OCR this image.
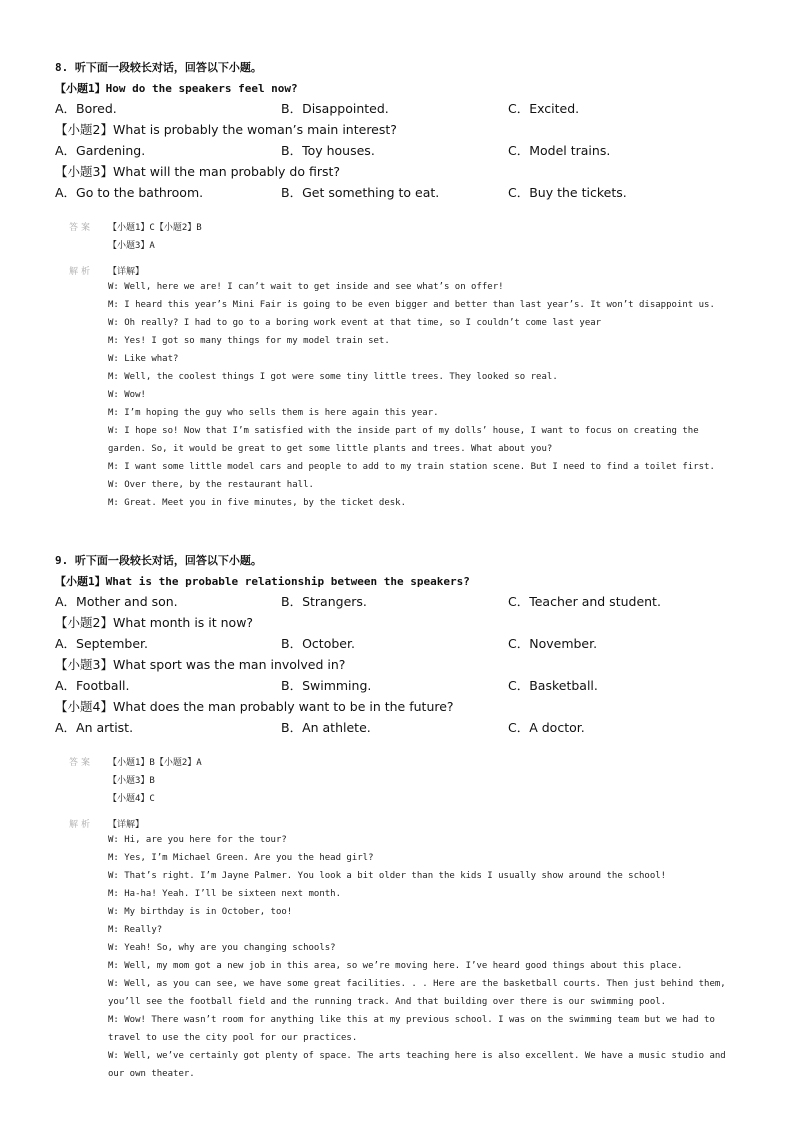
8. 听下面一段较长对话，回答以下小题。
【小题1】How do the speakers feel now?
A．Bored.	B．Disappointed.	C．Excited.
【小题2】What is probably the woman’s main interest?
A．Gardening.	B．Toy houses.	C．Model trains.
【小题3】What will the man probably do first?
A．Go to the bathroom.	B．Get something to eat.	C．Buy the tickets.
答案 【小题1】C【小题2】B
【小题3】A
解析 【详解】
W: Well, here we are! I can’t wait to get inside and see what’s on offer!
M: I heard this year’s Mini Fair is going to be even bigger and better than last year’s. It won’t disappoint us.
W: Oh really? I had to go to a boring work event at that time, so I couldn’t come last year
M: Yes! I got so many things for my model train set.
W: Like what?
M: Well, the coolest things I got were some tiny little trees. They looked so real.
W: Wow!
M: I’m hoping the guy who sells them is here again this year.
W: I hope so! Now that I’m satisfied with the inside part of my dolls’ house, I want to focus on creating the
garden. So, it would be great to get some little plants and trees. What about you?
M: I want some little model cars and people to add to my train station scene. But I need to find a toilet first.
W: Over there, by the restaurant hall.
M: Great. Meet you in five minutes, by the ticket desk.
9. 听下面一段较长对话，回答以下小题。
【小题1】What is the probable relationship between the speakers?
A．Mother and son.	B．Strangers.	C．Teacher and student.
【小题2】What month is it now?
A．September.	B．October.	C．November.
【小题3】What sport was the man involved in?
A．Football.	B．Swimming.	C．Basketball.
【小题4】What does the man probably want to be in the future?
A．An artist.	B．An athlete.	C．A doctor.
答案 【小题1】B【小题2】A
【小题3】B
【小题4】C
解析 【详解】
W: Hi, are you here for the tour?
M: Yes, I’m Michael Green. Are you the head girl?
W: That’s right. I’m Jayne Palmer. You look a bit older than the kids I usually show around the school!
M: Ha-ha! Yeah. I’ll be sixteen next month.
W: My birthday is in October, too!
M: Really?
W: Yeah! So, why are you changing schools?
M: Well, my mom got a new job in this area, so we’re moving here. I’ve heard good things about this place.
W: Well, as you can see, we have some great facilities. . . Here are the basketball courts. Then just behind them,
you’ll see the football field and the running track. And that building over there is our swimming pool.
M: Wow! There wasn’t room for anything like this at my previous school. I was on the swimming team but we had to
travel to use the city pool for our practices.
W: Well, we’ve certainly got plenty of space. The arts teaching here is also excellent. We have a music studio and
our own theater.
